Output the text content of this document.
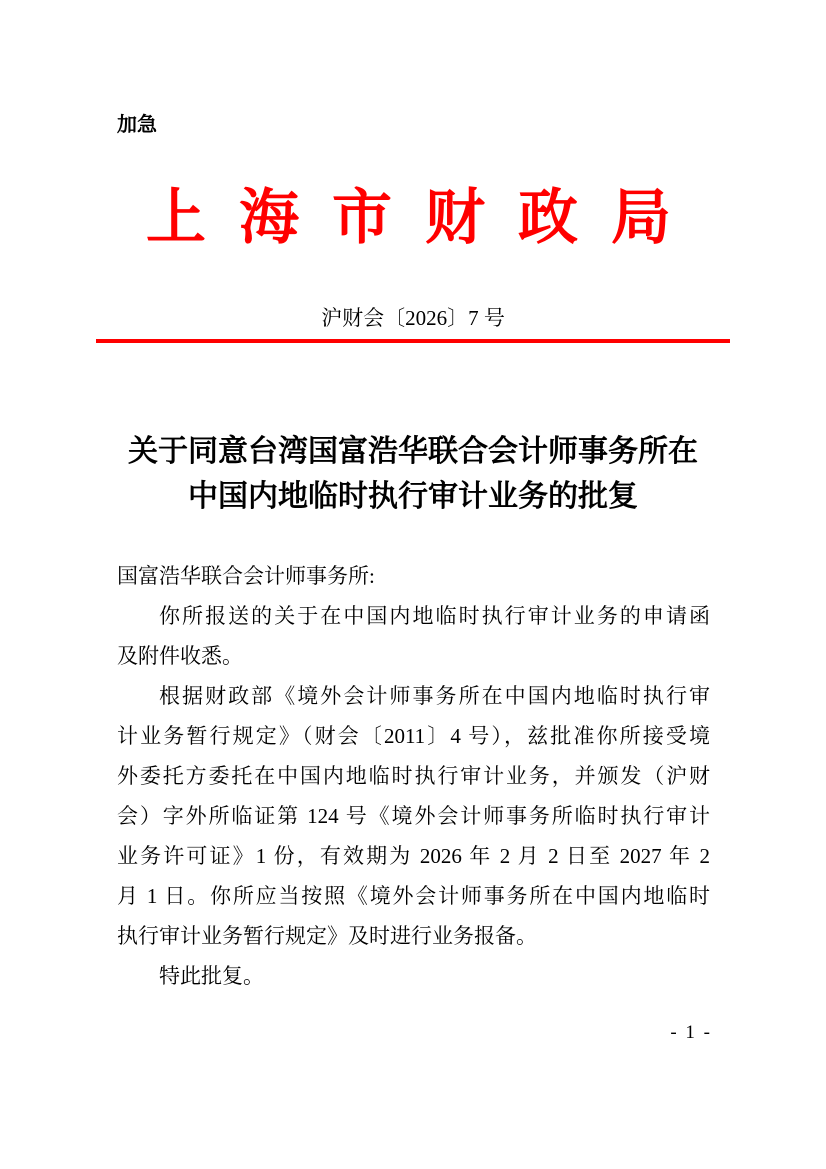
加急
上 海 市 财 政 局
沪财会〔2026〕7 号
关于同意台湾国富浩华联合会计师事务所在
中国内地临时执行审计业务的批复
国富浩华联合会计师事务所:
你所报送的关于在中国内地临时执行审计业务的申请函
及附件收悉。
根据财政部《境外会计师事务所在中国内地临时执行审
计业务暂行规定》（财会〔2011〕4 号），兹批准你所接受境
外委托方委托在中国内地临时执行审计业务，并颁发（沪财
会）字外所临证第 124 号《境外会计师事务所临时执行审计
业务许可证》1 份，有效期为 2026 年 2 月 2 日至 2027 年 2
月 1 日。你所应当按照《境外会计师事务所在中国内地临时
执行审计业务暂行规定》及时进行业务报备。
特此批复。
- 1 -
